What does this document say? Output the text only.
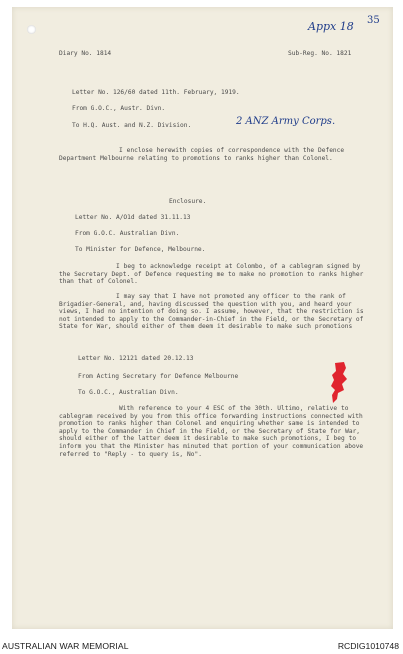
Appx 18 35
Diary No. 1814	Sub-Reg. No. 1821
Letter No. 126/60 dated 11th. February, 1919.
From G.O.C., Austr. Divn.
To H.Q. Aust. and N.Z. Division.	2 ANZ Army Corps.
I enclose herewith copies of correspondence with the Defence Department Melbourne relating to promotions to ranks higher than Colonel.
Enclosure.
Letter No. A/O1d dated 31.11.13
From G.O.C. Australian Divn.
To Minister for Defence, Melbourne.
I beg to acknowledge receipt at Colombo, of a cablegram signed by the Secretary Dept. of Defence requesting me to make no promotion to ranks higher than that of Colonel.
I may say that I have not promoted any officer to the rank of Brigadier-General, and, having discussed the question with you, and heard your views, I had no intention of doing so. I assume, however, that the restriction is not intended to apply to the Commander-in-Chief in the Field, or the Secretary of State for War, should either of them deem it desirable to make such promotions
Letter No. 12121 dated 20.12.13
From Acting Secretary for Defence Melbourne
To G.O.C., Australian Divn.
With reference to your 4 ESC of the 30th. Ultimo, relative to cablegram received by you from this office forwarding instructions connected with promotion to ranks higher than Colonel and enquiring whether same is intended to apply to the Commander in Chief in the Field, or the Secretary of State for War, should either of the latter deem it desirable to make such promotions, I beg to inform you that the Minister has minuted that portion of your communication above referred to "Reply - to query is, No".
AUSTRALIAN WAR MEMORIAL	RCDIG1010748
